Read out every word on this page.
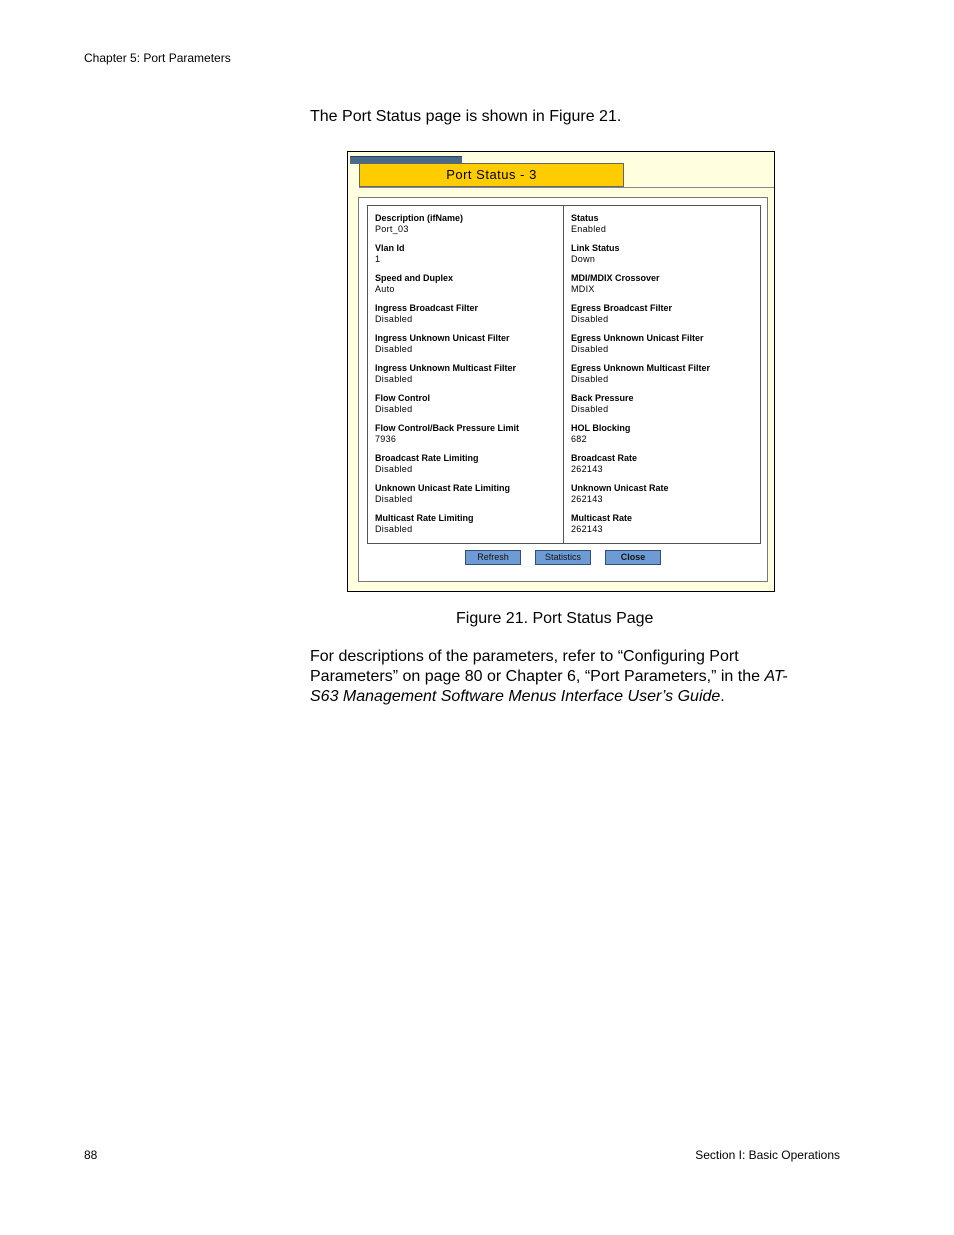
Chapter 5: Port Parameters
The Port Status page is shown in Figure 21.
Port Status - 3
Description (ifName)
Port_03
Vlan Id
1
Speed and Duplex
Auto
Ingress Broadcast Filter
Disabled
Ingress Unknown Unicast Filter
Disabled
Ingress Unknown Multicast Filter
Disabled
Flow Control
Disabled
Flow Control/Back Pressure Limit
7936
Broadcast Rate Limiting
Disabled
Unknown Unicast Rate Limiting
Disabled
Multicast Rate Limiting
Disabled
Status
Enabled
Link Status
Down
MDI/MDIX Crossover
MDIX
Egress Broadcast Filter
Disabled
Egress Unknown Unicast Filter
Disabled
Egress Unknown Multicast Filter
Disabled
Back Pressure
Disabled
HOL Blocking
682
Broadcast Rate
262143
Unknown Unicast Rate
262143
Multicast Rate
262143
Refresh	Statistics	Close
Figure 21. Port Status Page
For descriptions of the parameters, refer to “Configuring Port Parameters” on page 80 or Chapter 6, “Port Parameters,” in the AT-S63 Management Software Menus Interface User’s Guide.
88	Section I: Basic Operations
